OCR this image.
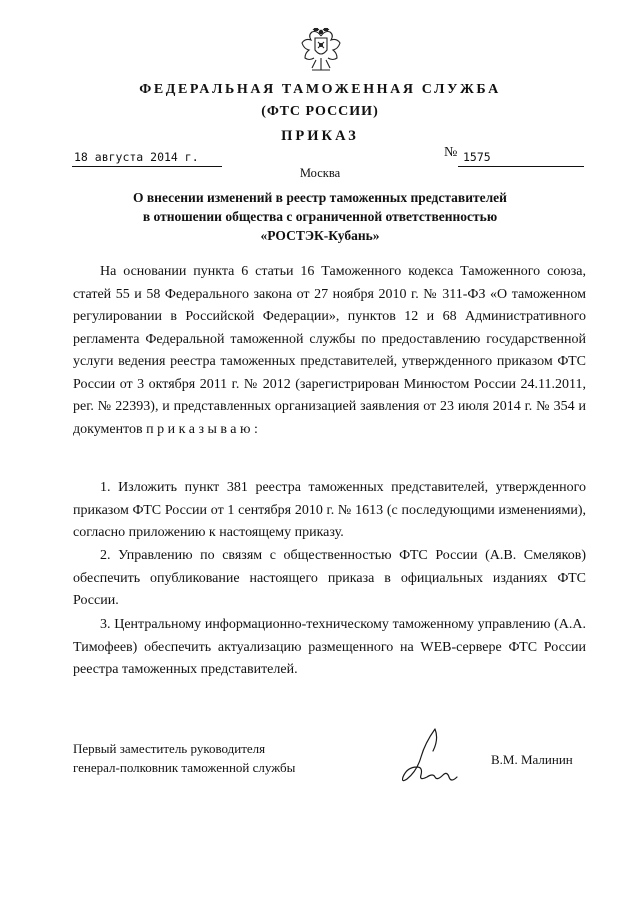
ФЕДЕРАЛЬНАЯ ТАМОЖЕННАЯ СЛУЖБА
(ФТС РОССИИ)
ПРИКАЗ
18 августа 2014 г.	№ 1575
Москва
О внесении изменений в реестр таможенных представителей
в отношении общества с ограниченной ответственностью
«РОСТЭК-Кубань»
На основании пункта 6 статьи 16 Таможенного кодекса Таможенного союза, статей 55 и 58 Федерального закона от 27 ноября 2010 г. № 311-ФЗ «О таможенном регулировании в Российской Федерации», пунктов 12 и 68 Административного регламента Федеральной таможенной службы по предоставлению государственной услуги ведения реестра таможенных представителей, утвержденного приказом ФТС России от 3 октября 2011 г. № 2012 (зарегистрирован Минюстом России 24.11.2011, рег. № 22393), и представленных организацией заявления от 23 июля 2014 г. № 354 и документов приказываю:
1. Изложить пункт 381 реестра таможенных представителей, утвержденного приказом ФТС России от 1 сентября 2010 г. № 1613 (с последующими изменениями), согласно приложению к настоящему приказу.
2. Управлению по связям с общественностью ФТС России (А.В. Смеляков) обеспечить опубликование настоящего приказа в официальных изданиях ФТС России.
3. Центральному информационно-техническому таможенному управлению (А.А. Тимофеев) обеспечить актуализацию размещенного на WEB-сервере ФТС России реестра таможенных представителей.
Первый заместитель руководителя
генерал-полковник таможенной службы
В.М. Малинин
